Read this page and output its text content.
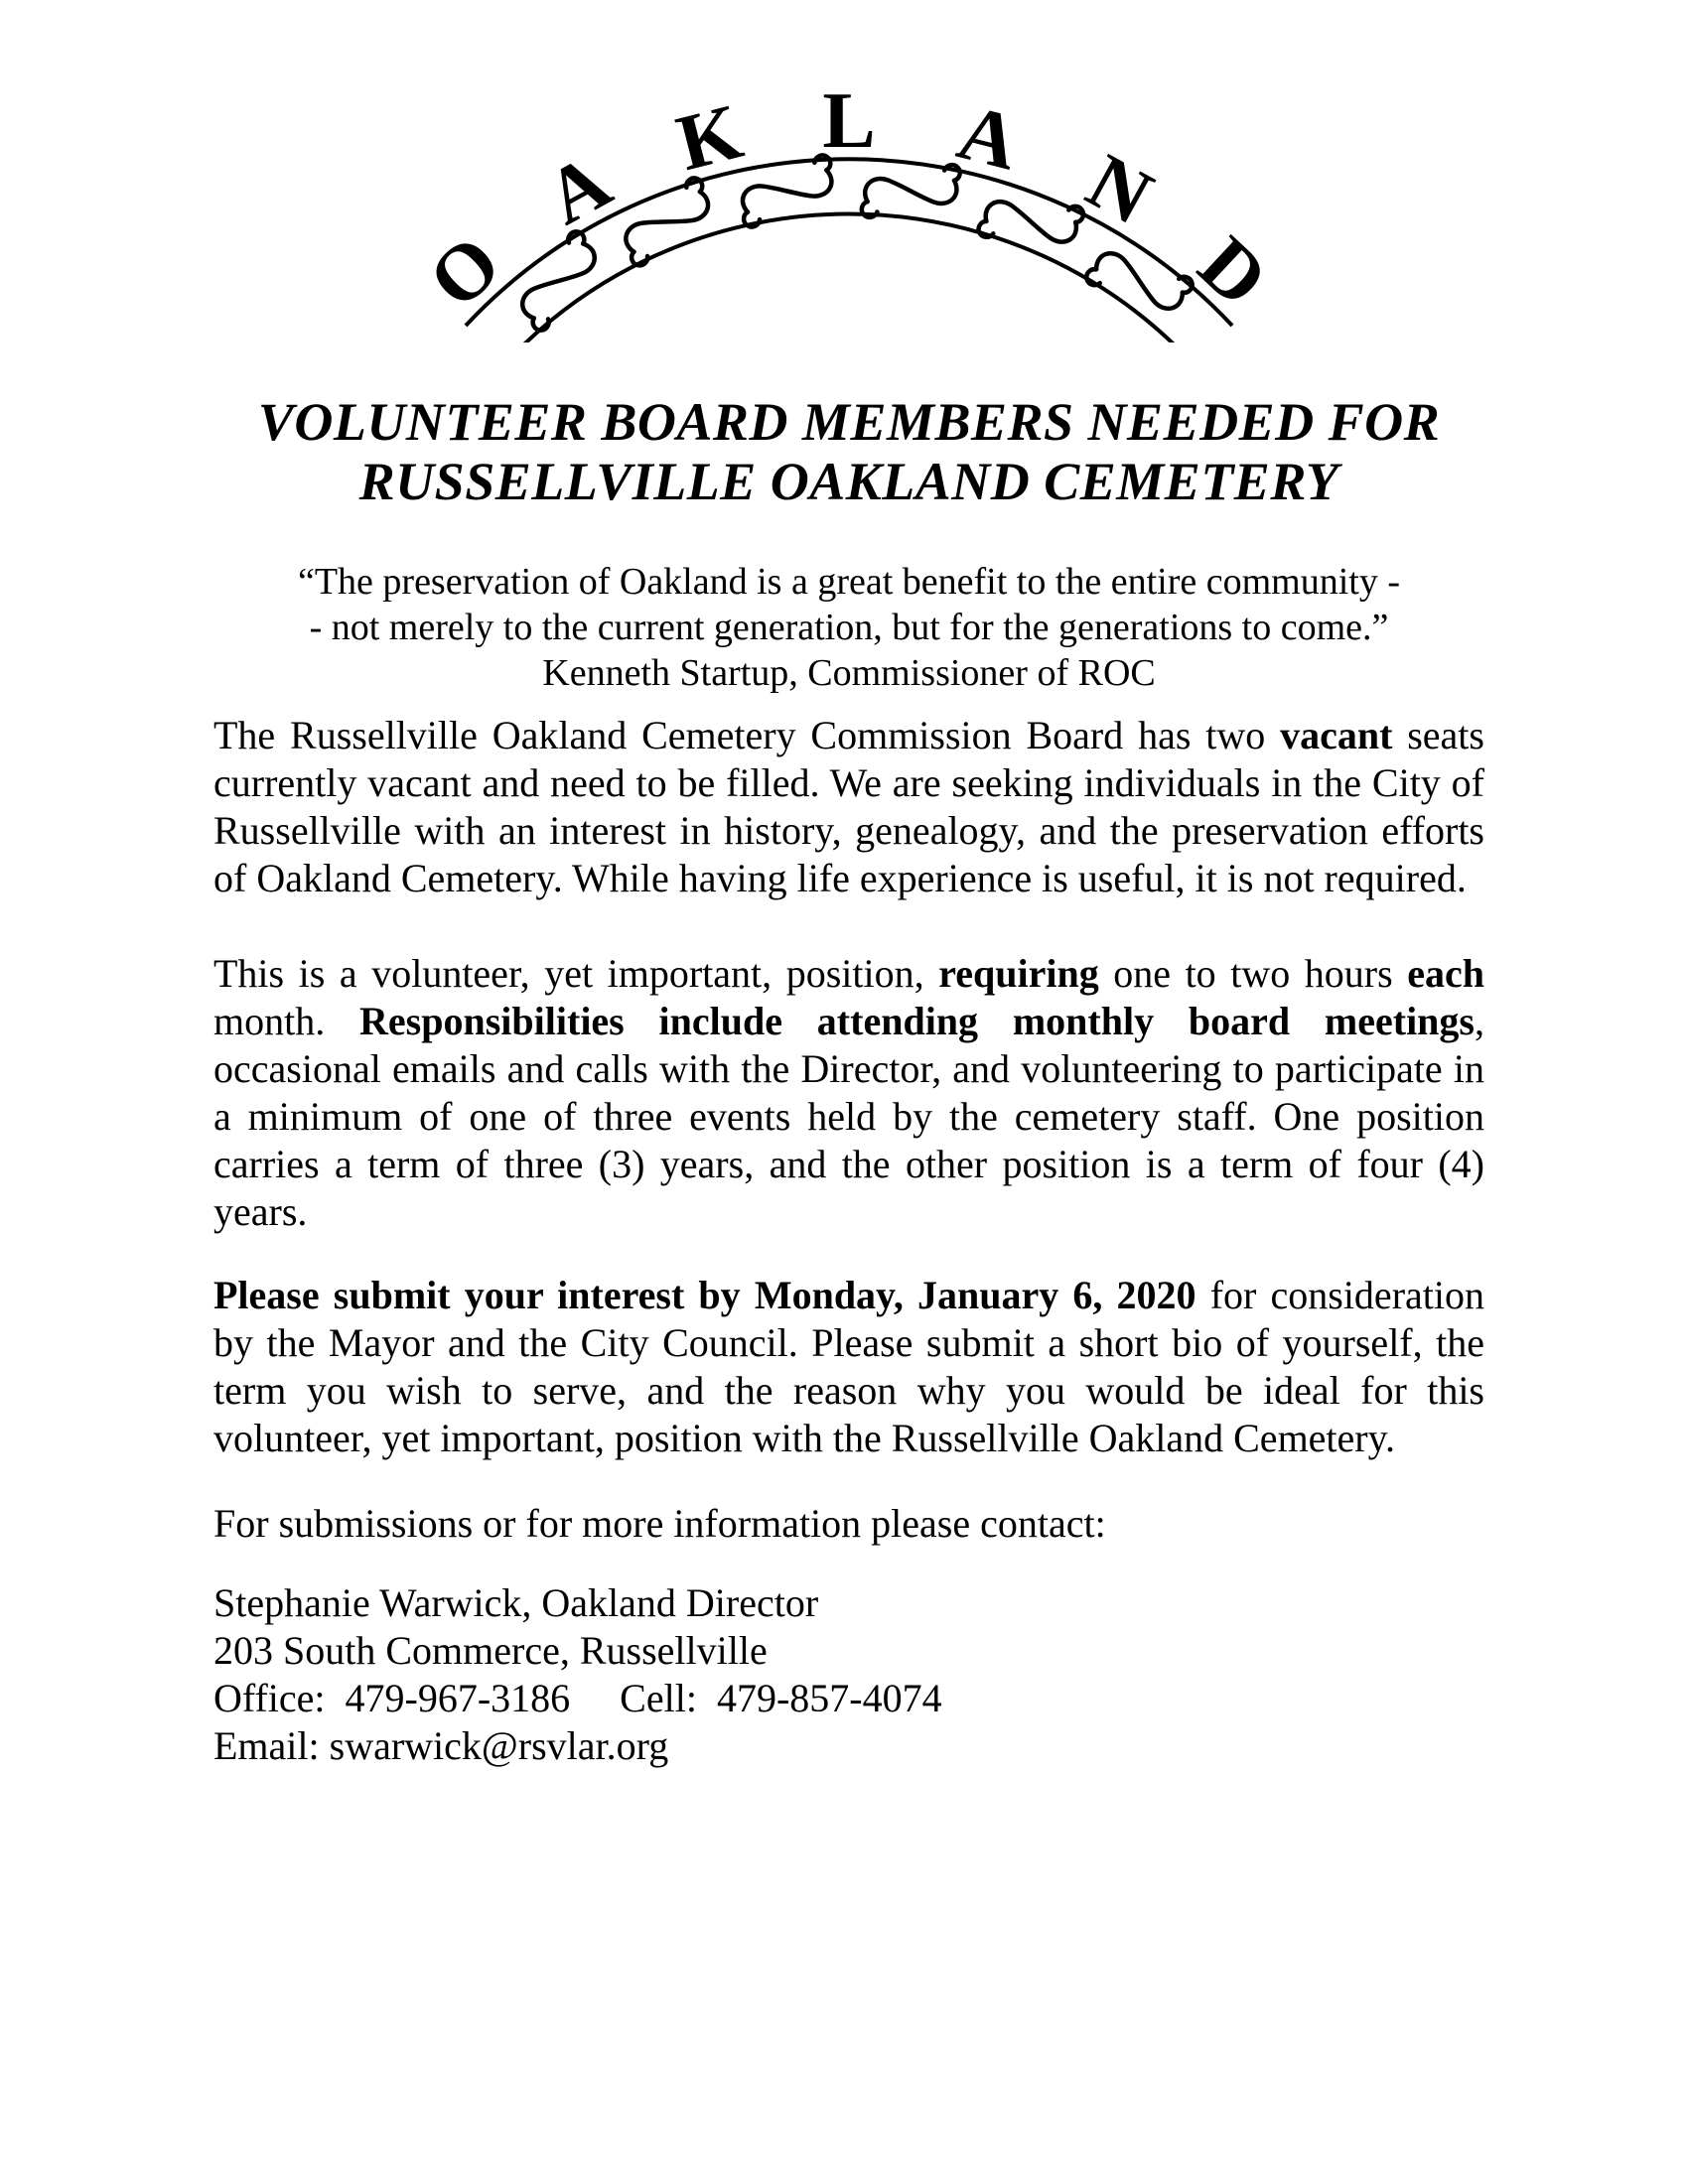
O
A K L A N
D
VOLUNTEER BOARD MEMBERS NEEDED FOR
RUSSELLVILLE OAKLAND CEMETERY
“The preservation of Oakland is a great benefit to the entire community -
- not merely to the current generation, but for the generations to come.”
Kenneth Startup, Commissioner of ROC

The Russellville Oakland Cemetery Commission Board has two vacant seats currently vacant and need to be filled. We are seeking individuals in the City of Russellville with an interest in history, genealogy, and the preservation efforts of Oakland Cemetery. While having life experience is useful, it is not required.

This is a volunteer, yet important, position, requiring one to two hours each month. Responsibilities include attending monthly board meetings, occasional emails and calls with the Director, and volunteering to participate in a minimum of one of three events held by the cemetery staff. One position carries a term of three (3) years, and the other position is a term of four (4) years.

Please submit your interest by Monday, January 6, 2020 for consideration by the Mayor and the City Council. Please submit a short bio of yourself, the term you wish to serve, and the reason why you would be ideal for this volunteer, yet important, position with the Russellville Oakland Cemetery.

For submissions or for more information please contact:
Stephanie Warwick, Oakland Director
203 South Commerce, Russellville
Office:  479-967-3186     Cell:  479-857-4074
Email: swarwick@rsvlar.org
